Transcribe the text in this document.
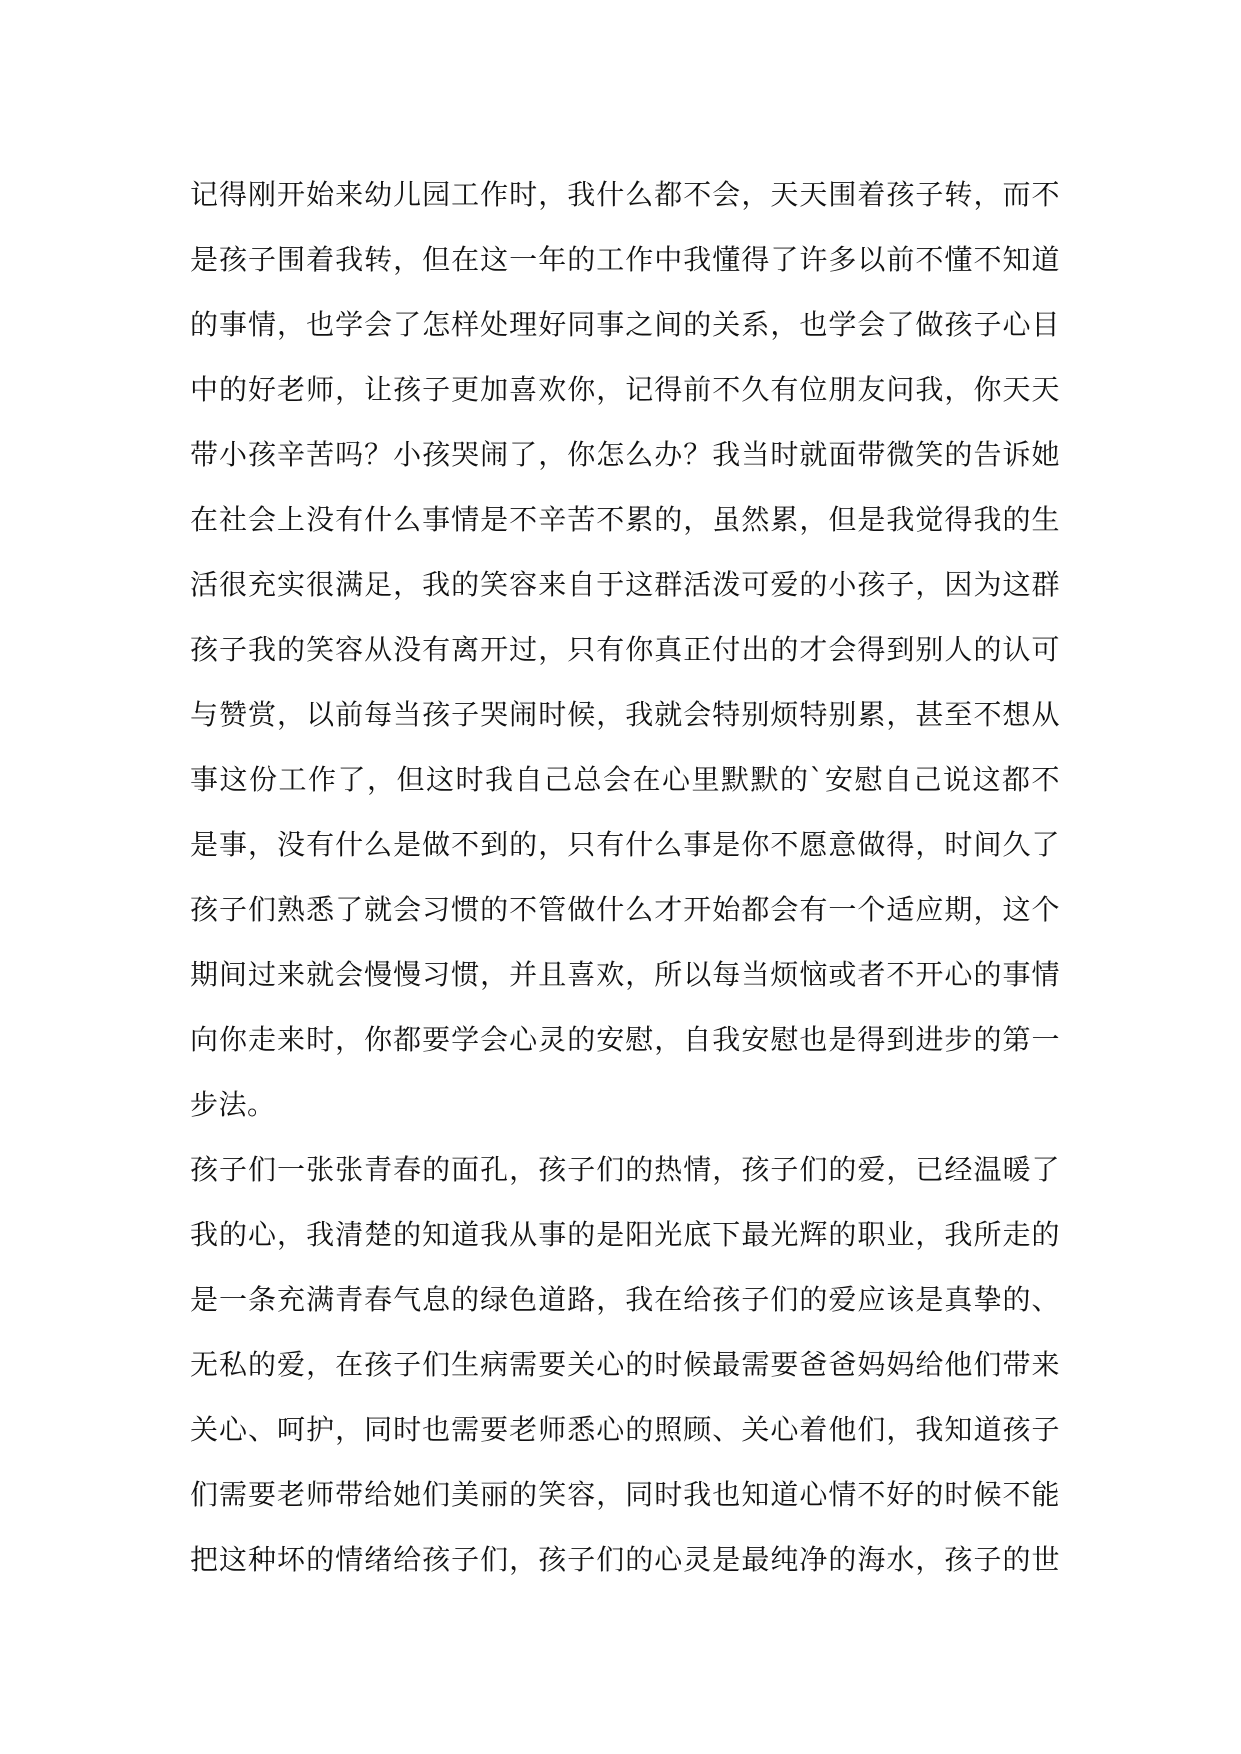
记得刚开始来幼儿园工作时，我什么都不会，天天围着孩子转，而不
是孩子围着我转，但在这一年的工作中我懂得了许多以前不懂不知道
的事情，也学会了怎样处理好同事之间的关系，也学会了做孩子心目
中的好老师，让孩子更加喜欢你，记得前不久有位朋友问我，你天天
带小孩辛苦吗？小孩哭闹了，你怎么办？我当时就面带微笑的告诉她
在社会上没有什么事情是不辛苦不累的，虽然累，但是我觉得我的生
活很充实很满足，我的笑容来自于这群活泼可爱的小孩子，因为这群
孩子我的笑容从没有离开过，只有你真正付出的才会得到别人的认可
与赞赏，以前每当孩子哭闹时候，我就会特别烦特别累，甚至不想从
事这份工作了，但这时我自己总会在心里默默的`安慰自己说这都不
是事，没有什么是做不到的，只有什么事是你不愿意做得，时间久了
孩子们熟悉了就会习惯的不管做什么才开始都会有一个适应期，这个
期间过来就会慢慢习惯，并且喜欢，所以每当烦恼或者不开心的事情
向你走来时，你都要学会心灵的安慰，自我安慰也是得到进步的第一
步法。
孩子们一张张青春的面孔，孩子们的热情，孩子们的爱，已经温暖了
我的心，我清楚的知道我从事的是阳光底下最光辉的职业，我所走的
是一条充满青春气息的绿色道路，我在给孩子们的爱应该是真挚的、
无私的爱，在孩子们生病需要关心的时候最需要爸爸妈妈给他们带来
关心、呵护，同时也需要老师悉心的照顾、关心着他们，我知道孩子
们需要老师带给她们美丽的笑容，同时我也知道心情不好的时候不能
把这种坏的情绪给孩子们，孩子们的心灵是最纯净的海水，孩子的世
